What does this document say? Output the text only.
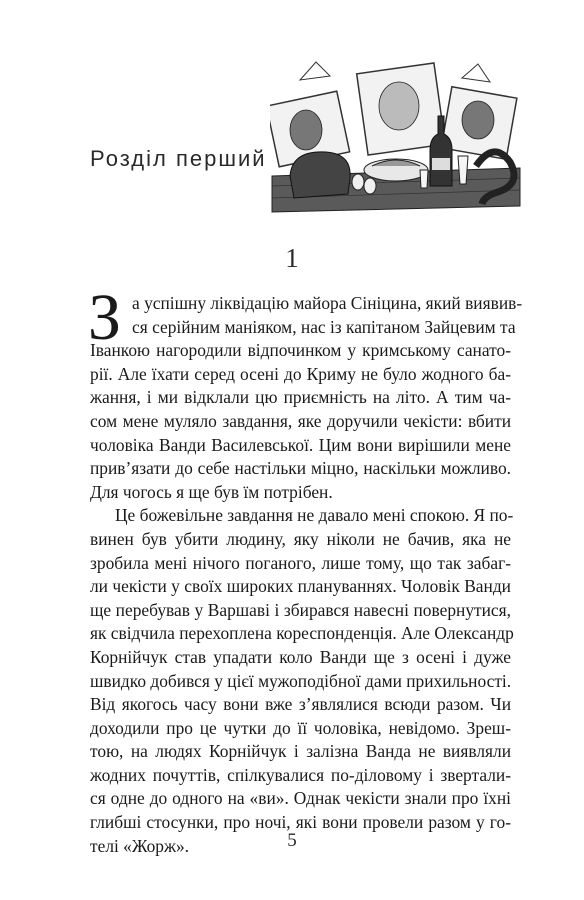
Розділ перший
1
З а успішну ліквідацію майора Сініцина, який виявив-
ся серійним маніяком, нас із капітаном Зайцевим та
Іванкою нагородили відпочинком у кримському санато-
рії. Але їхати серед осені до Криму не було жодного ба-
жання, і ми відклали цю приємність на літо. А тим ча-
сом мене муляло завдання, яке доручили чекісти: вбити
чоловіка Ванди Василевської. Цим вони вирішили мене
прив’язати до себе настільки міцно, наскільки можливо.
Для чогось я ще був їм потрібен.
Це божевільне завдання не давало мені спокою. Я по-
винен був убити людину, яку ніколи не бачив, яка не
зробила мені нічого поганого, лише тому, що так забаг-
ли чекісти у своїх широких плануваннях. Чоловік Ванди
ще перебував у Варшаві і збирався навесні повернутися,
як свідчила перехоплена кореспонденція. Але Олександр
Корнійчук став упадати коло Ванди ще з осені і дуже
швидко добився у цієї мужоподібної дами прихильності.
Від якогось часу вони вже з’являлися всюди разом. Чи
доходили про це чутки до її чоловіка, невідомо. Зреш-
тою, на людях Корнійчук і залізна Ванда не виявляли
жодних почуттів, спілкувалися по-діловому і звертали-
ся одне до одного на «ви». Однак чекісти знали про їхні
глибші стосунки, про ночі, які вони провели разом у го-
телі «Жорж».	5
